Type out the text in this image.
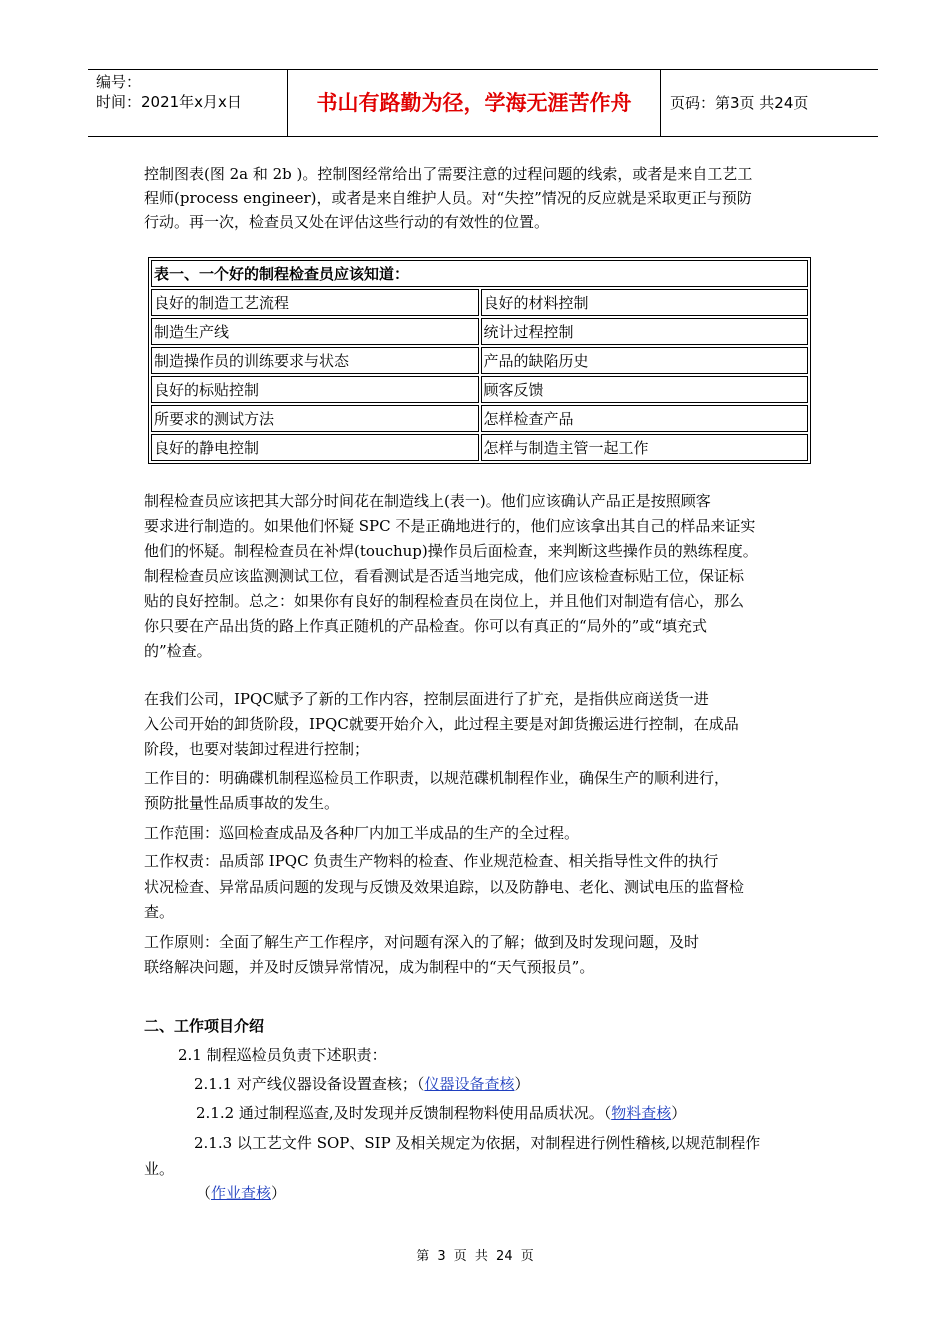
编号：
时间：2021年x月x日	书山有路勤为径，学海无涯苦作舟	页码：第3页 共24页
控制图表(图 2a 和 2b )。控制图经常给出了需要注意的过程问题的线索，或者是来自工艺工
程师(process engineer)，或者是来自维护人员。对“失控”情况的反应就是采取更正与预防
行动。再一次，检查员又处在评估这些行动的有效性的位置。
表一、一个好的制程检查员应该知道：	
良好的制造工艺流程	良好的材料控制
制造生产线	统计过程控制
制造操作员的训练要求与状态	产品的缺陷历史
良好的标贴控制	顾客反馈
所要求的测试方法	怎样检查产品
良好的静电控制	怎样与制造主管一起工作
制程检查员应该把其大部分时间花在制造线上(表一)。他们应该确认产品正是按照顾客
要求进行制造的。如果他们怀疑 SPC 不是正确地进行的，他们应该拿出其自己的样品来证实
他们的怀疑。制程检查员在补焊(touchup)操作员后面检查，来判断这些操作员的熟练程度。
制程检查员应该监测测试工位，看看测试是否适当地完成，他们应该检查标贴工位，保证标
贴的良好控制。总之：如果你有良好的制程检查员在岗位上，并且他们对制造有信心，那么
你只要在产品出货的路上作真正随机的产品检查。你可以有真正的“局外的”或“填充式
的”检查。
在我们公司，IPQC赋予了新的工作内容，控制层面进行了扩充，是指供应商送货一进
入公司开始的卸货阶段，IPQC就要开始介入，此过程主要是对卸货搬运进行控制，在成品
阶段，也要对装卸过程进行控制；
工作目的：明确碟机制程巡检员工作职责，以规范碟机制程作业，确保生产的顺利进行，
预防批量性品质事故的发生。
工作范围：巡回检查成品及各种厂内加工半成品的生产的全过程。
工作权责：品质部 IPQC 负责生产物料的检查、作业规范检查、相关指导性文件的执行
状况检查、异常品质问题的发现与反馈及效果追踪，以及防静电、老化、测试电压的监督检
查。
工作原则：全面了解生产工作程序，对问题有深入的了解；做到及时发现问题，及时
联络解决问题，并及时反馈异常情况，成为制程中的“天气预报员”。
二、工作项目介绍
2.1 制程巡检员负责下述职责：
2.1.1 对产线仪器设备设置查核；（仪器设备查核）
2.1.2 通过制程巡查,及时发现并反馈制程物料使用品质状况。（物料查核）
2.1.3 以工艺文件 SOP、SIP 及相关规定为依据，对制程进行例性稽核,以规范制程作
业。
（作业查核）
第 3 页 共 24 页
